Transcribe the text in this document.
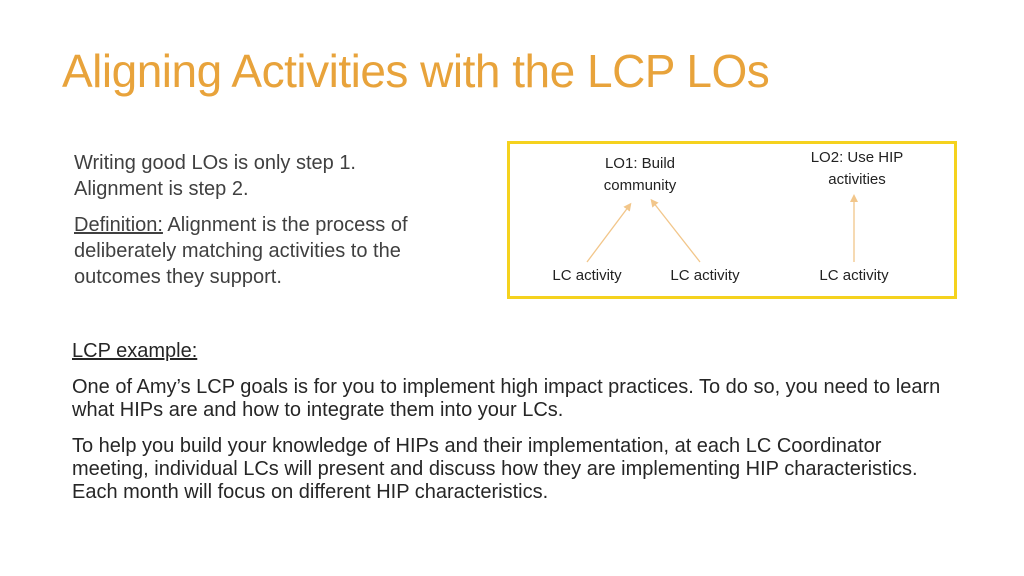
Aligning Activities with the LCP LOs

Writing good LOs is only step 1.
Alignment is step 2.

Definition: Alignment is the process of deliberately matching activities to the outcomes they support.

LO1: Build community
LO2: Use HIP activities
LC activity	LC activity	LC activity

LCP example:

One of Amy’s LCP goals is for you to implement high impact practices. To do so, you need to learn what HIPs are and how to integrate them into your LCs.

To help you build your knowledge of HIPs and their implementation, at each LC Coordinator meeting, individual LCs will present and discuss how they are implementing HIP characteristics. Each month will focus on different HIP characteristics.
